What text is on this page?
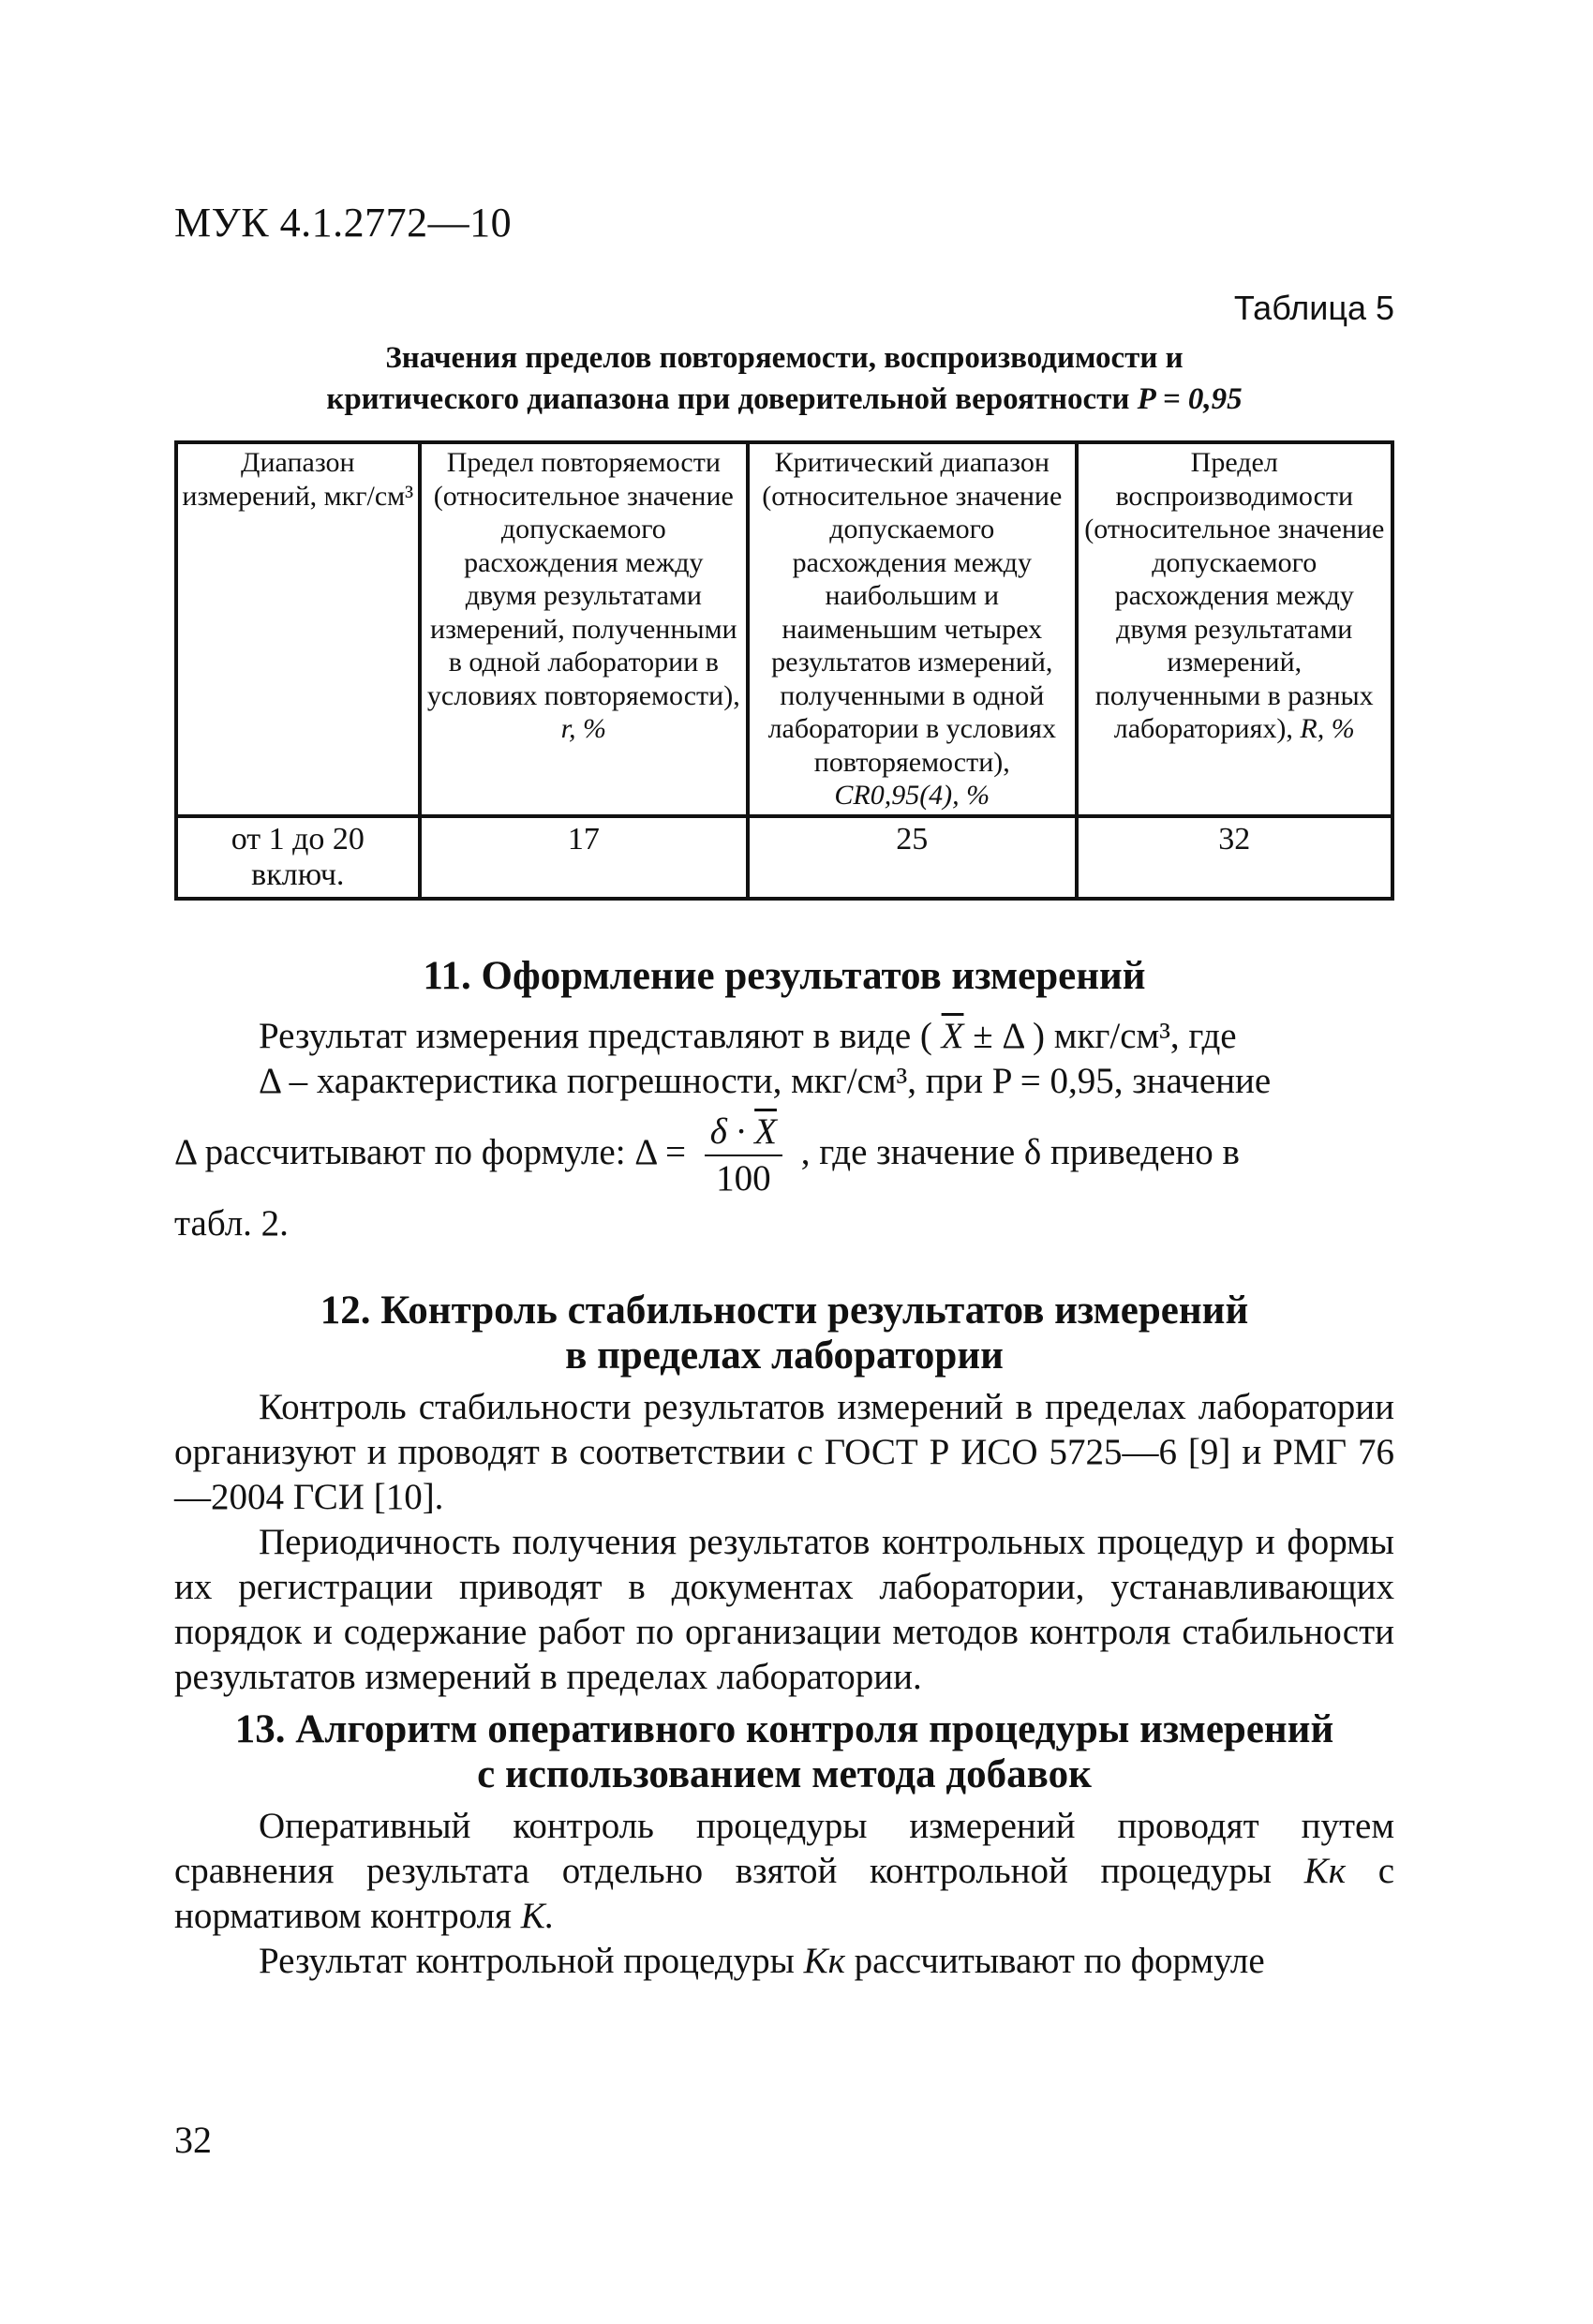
МУК 4.1.2772—10
Таблица 5
Значения пределов повторяемости, воспроизводимости и
критического диапазона при доверительной вероятности P = 0,95
Диапазон измерений, мкг/см³	Предел повторяемости (относительное значение допускаемого расхождения между двумя результатами измерений, полученными в одной лаборатории в условиях повторяемости), r, %	Критический диапазон (относительное значение допускаемого расхождения между наибольшим и наименьшим четырех результатов измерений, полученными в одной лаборатории в условиях повторяемости), CR0,95(4), %	Предел воспроизводимости (относительное значение допускаемого расхождения между двумя результатами измерений, полученными в разных лабораториях), R, %
от 1 до 20 включ.	17	25	32
11. Оформление результатов измерений
Результат измерения представляют в виде ( $\overline{X} \pm \Delta$ ) мкг/см³, где
Δ – характеристика погрешности, мкг/см³, при P = 0,95, значение
Δ рассчитывают по формуле: $\Delta = \frac{\delta \cdot \overline{X}}{100}$ , где значение δ приведено в
табл. 2.
12. Контроль стабильности результатов измерений
в пределах лаборатории
Контроль стабильности результатов измерений в пределах лаборатории организуют и проводят в соответствии с ГОСТ Р ИСО 5725—6 [9] и РМГ 76—2004 ГСИ [10].
Периодичность получения результатов контрольных процедур и формы их регистрации приводят в документах лаборатории, устанавливающих порядок и содержание работ по организации методов контроля стабильности результатов измерений в пределах лаборатории.
13. Алгоритм оперативного контроля процедуры измерений
с использованием метода добавок
Оперативный контроль процедуры измерений проводят путем сравнения результата отдельно взятой контрольной процедуры Kк с нормативом контроля K.
Результат контрольной процедуры Kк рассчитывают по формуле
32
